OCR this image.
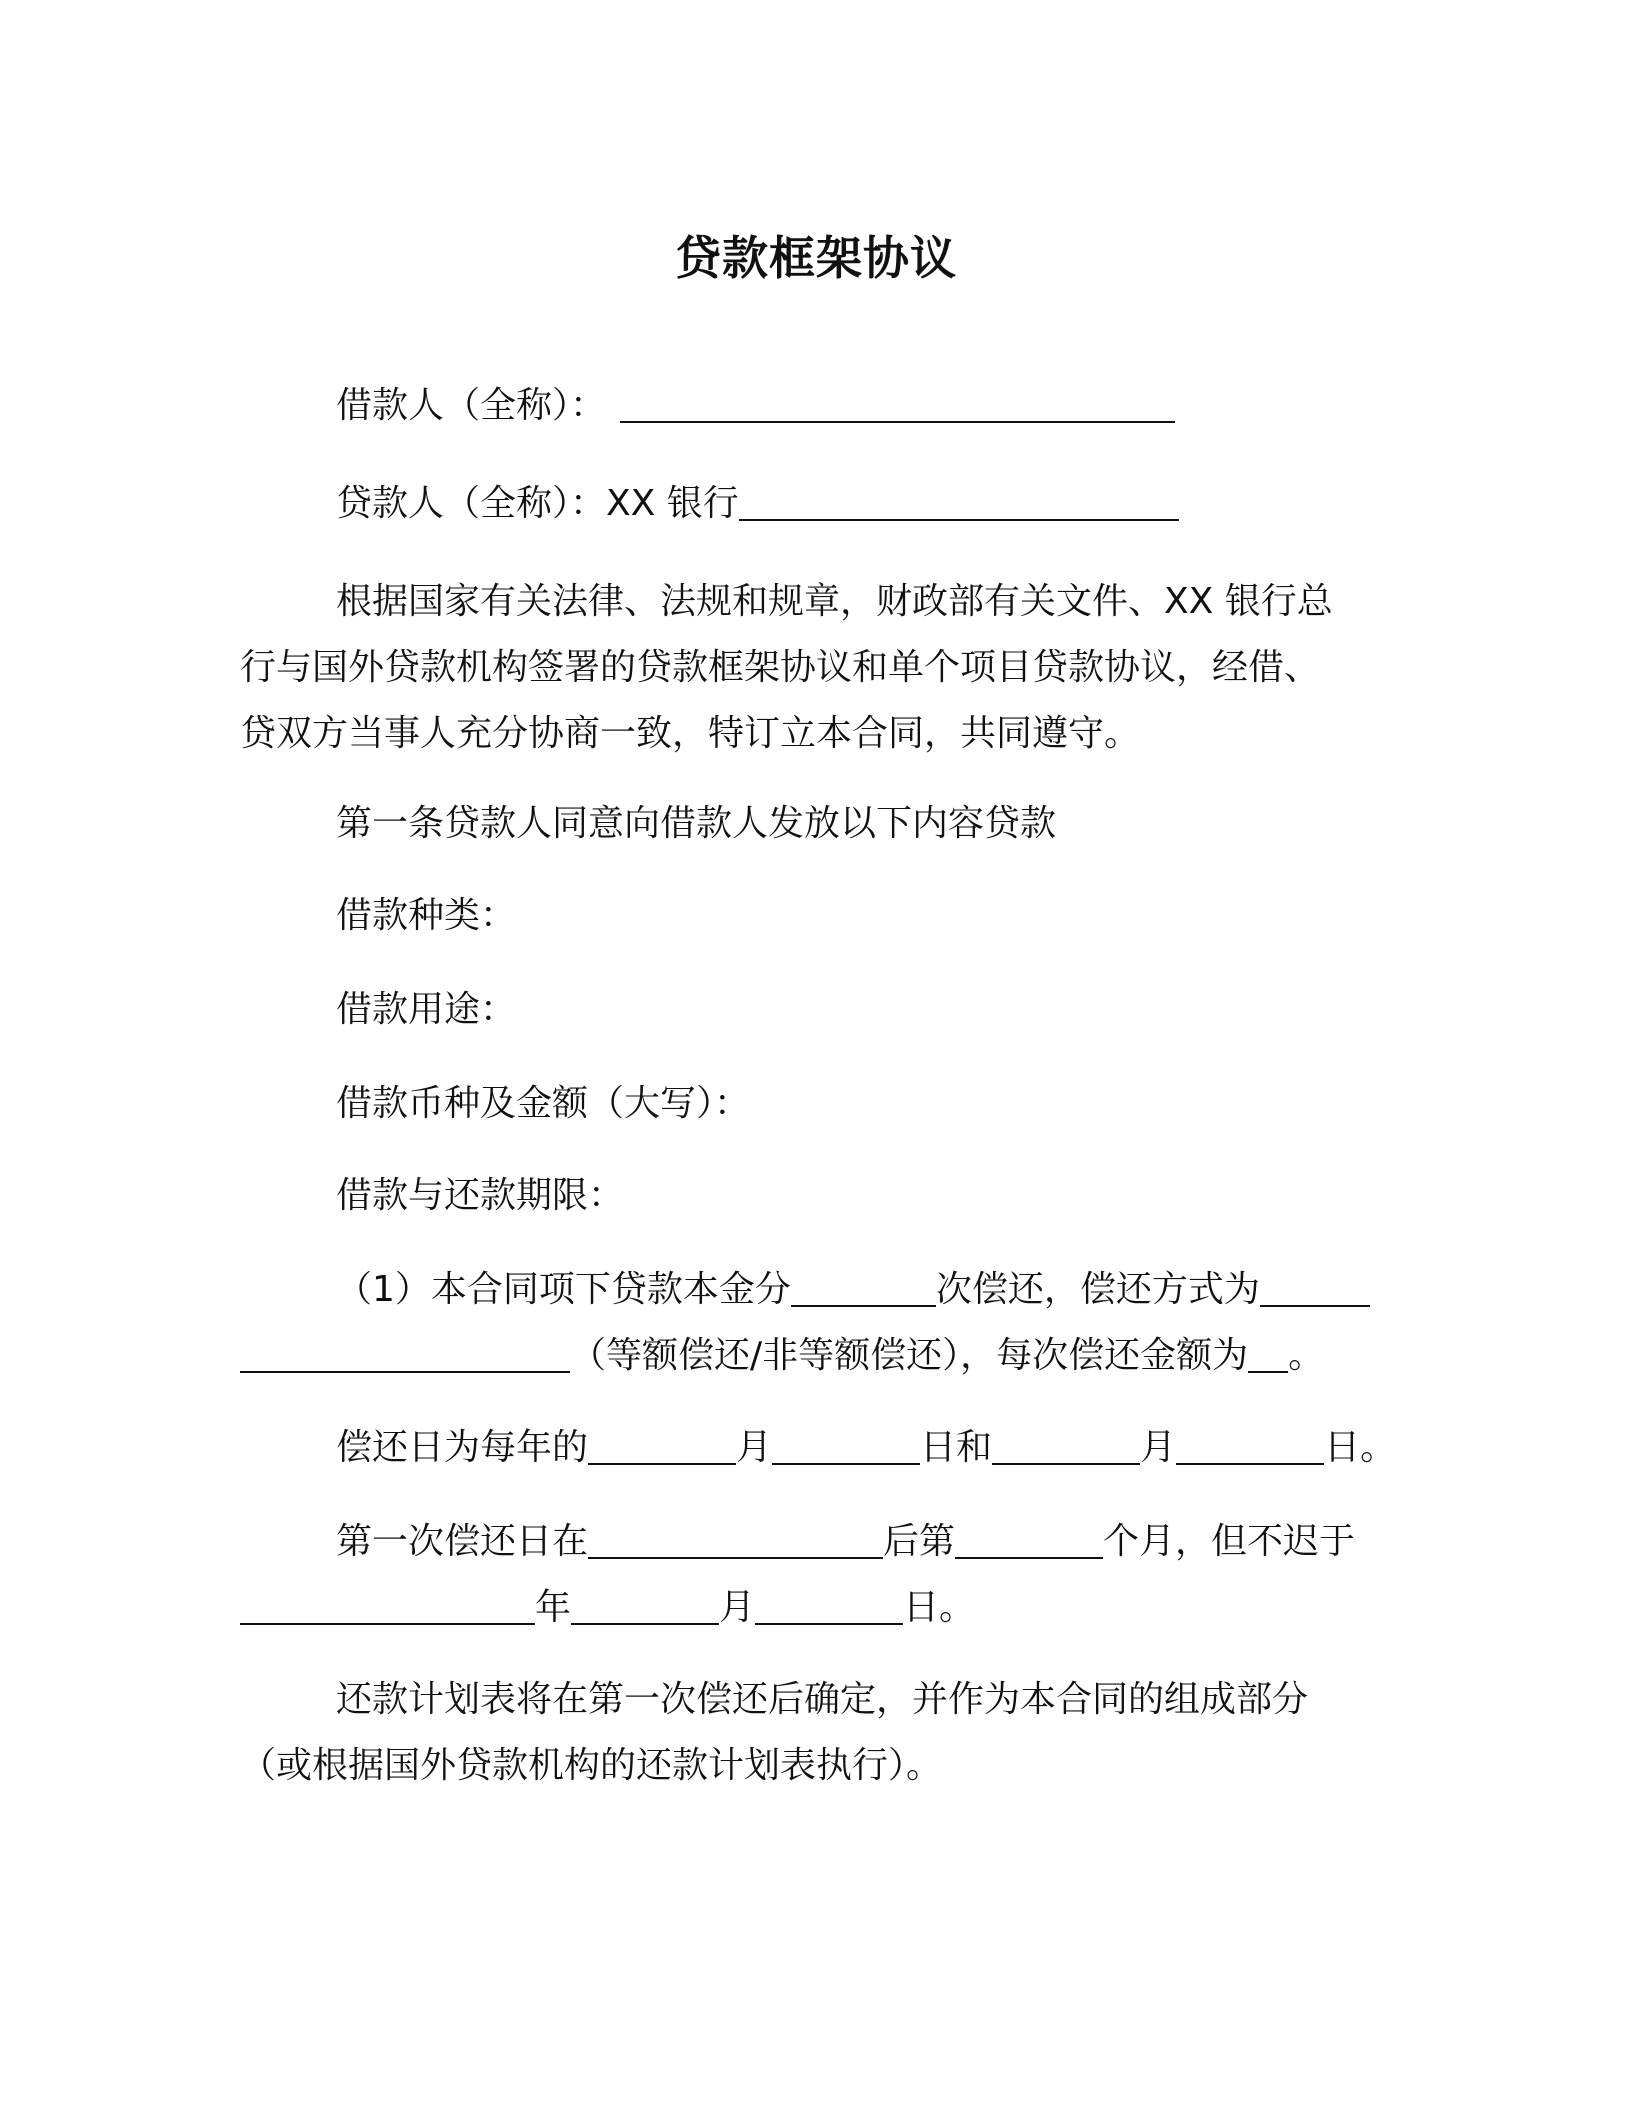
贷款框架协议
借款人（全称）：
贷款人（全称）：XX 银行
根据国家有关法律、法规和规章，财政部有关文件、XX 银行总
行与国外贷款机构签署的贷款框架协议和单个项目贷款协议，经借、
贷双方当事人充分协商一致，特订立本合同，共同遵守。
第一条贷款人同意向借款人发放以下内容贷款
借款种类：
借款用途：
借款币种及金额（大写）：
借款与还款期限：
（1）本合同项下贷款本金分	次偿还，偿还方式为
（等额偿还/非等额偿还），每次偿还金额为 。
偿还日为每年的	月	日和	月	日。
第一次偿还日在	后第	个月，但不迟于
年	月	日。
还款计划表将在第一次偿还后确定，并作为本合同的组成部分
（或根据国外贷款机构的还款计划表执行）。
